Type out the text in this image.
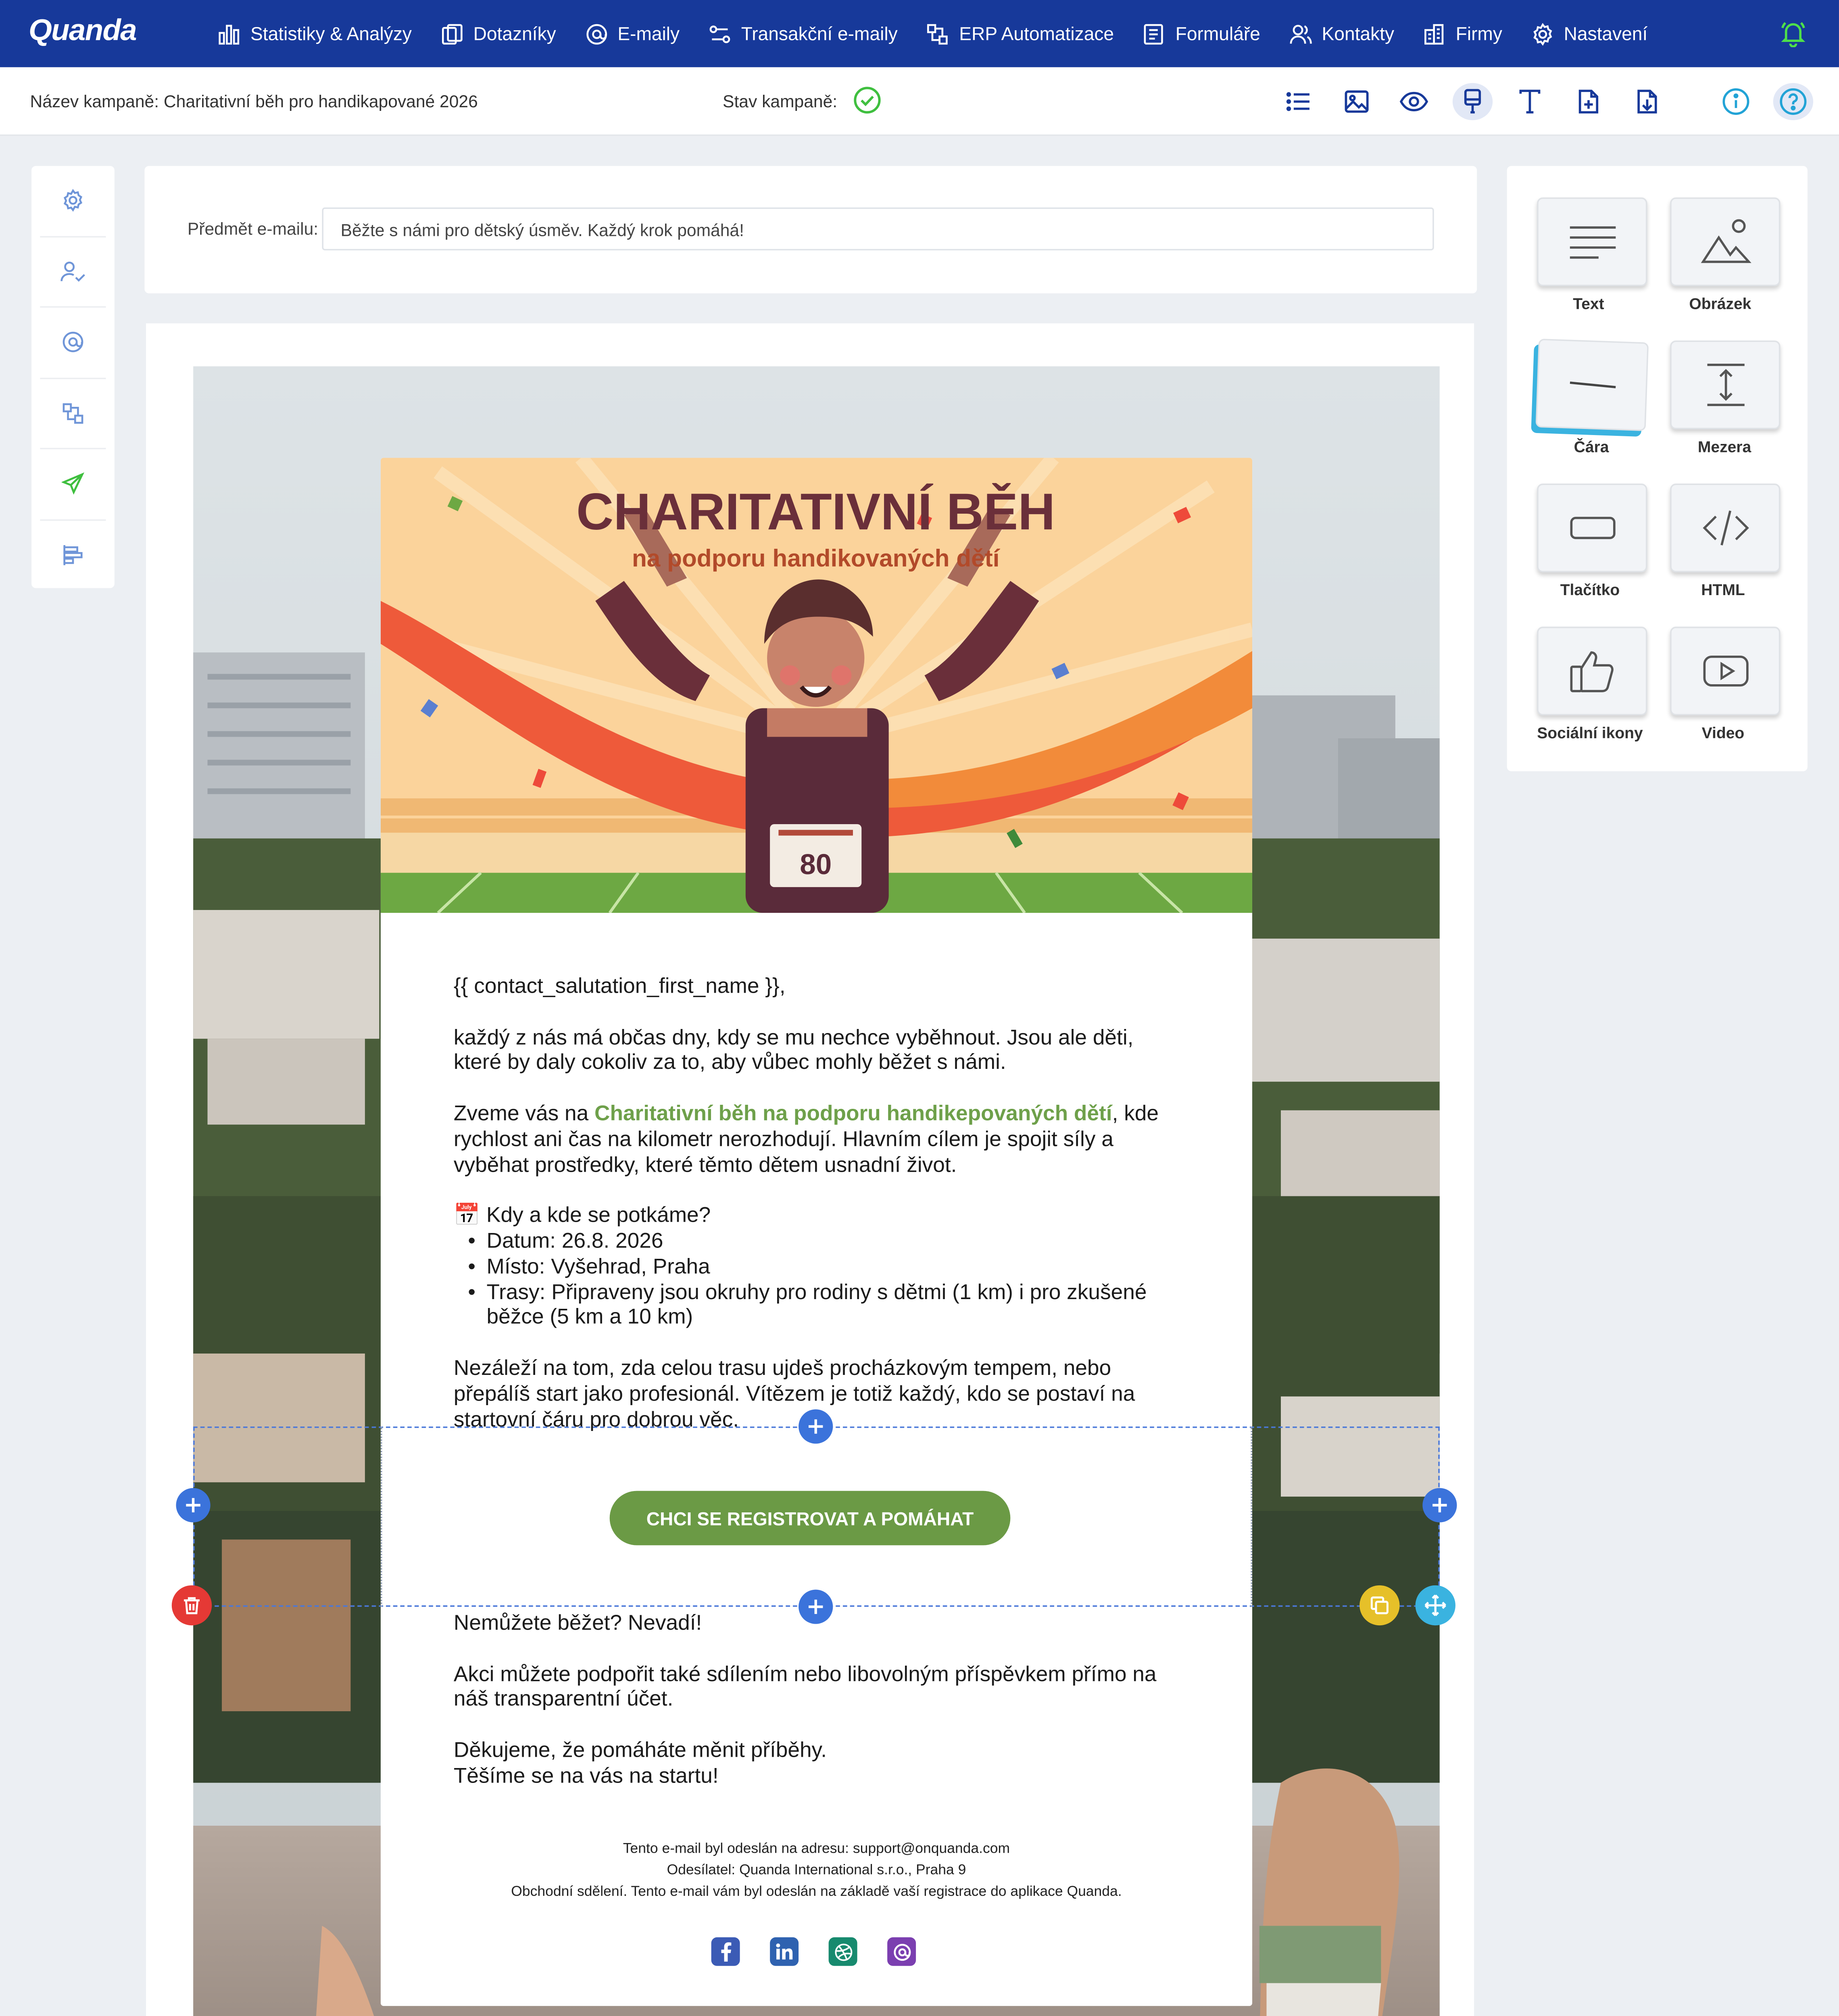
Quanda	Statistiky & Analýzy	Dotazníky	E-maily	Transakční e-maily	ERP Automatizace	Formuláře	Kontakty	Firmy	Nastavení
Název kampaně: Charitativní běh pro handikapované 2026	Stav kampaně:
Předmět e-mailu:	Běžte s námi pro dětský úsměv. Každý krok pomáhá!
CHARITATIVNÍ BĚH
na podporu handikovaných dětí
80

{{ contact_salutation_first_name }},

každý z nás má občas dny, kdy se mu nechce vyběhnout. Jsou ale děti, které by daly cokoliv za to, aby vůbec mohly běžet s námi.

Zveme vás na Charitativní běh na podporu handikepovaných dětí, kde rychlost ani čas na kilometr nerozhodují. Hlavním cílem je spojit síly a vyběhat prostředky, které těmto dětem usnadní život.

📅 Kdy a kde se potkáme?
• Datum: 26.8. 2026
• Místo: Vyšehrad, Praha
• Trasy: Připraveny jsou okruhy pro rodiny s dětmi (1 km) i pro zkušené běžce (5 km a 10 km)

Nezáleží na tom, zda celou trasu ujdeš procházkovým tempem, nebo přepálíš start jako profesionál. Vítězem je totiž každý, kdo se postaví na startovní čáru pro dobrou věc.

CHCI SE REGISTROVAT A POMÁHAT

Nemůžete běžet? Nevadí!

Akci můžete podpořit také sdílením nebo libovolným příspěvkem přímo na náš transparentní účet.

Děkujeme, že pomáháte měnit příběhy.
Těšíme se na vás na startu!
Tento e-mail byl odeslán na adresu: support@onquanda.com
Odesílatel: Quanda International s.r.o., Praha 9
Obchodní sdělení. Tento e-mail vám byl odeslán na základě vaší registrace do aplikace Quanda.
Text	Obrázek
Čára	Mezera
Tlačítko	HTML
Sociální ikony	Video
